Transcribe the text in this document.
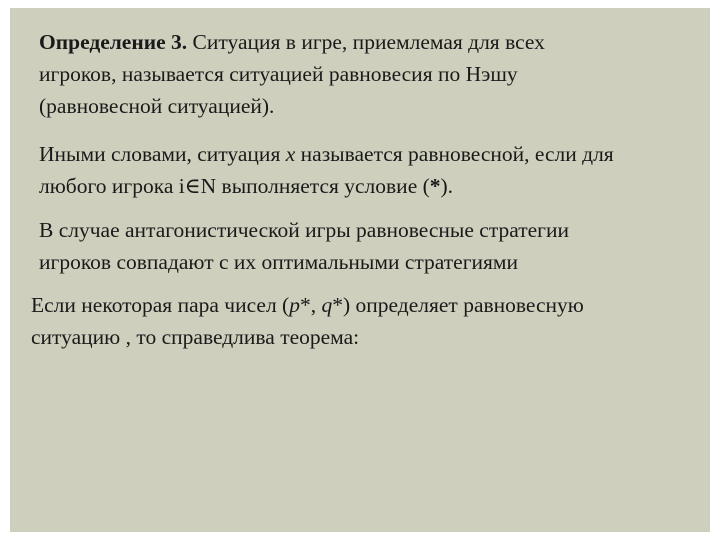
Определение 3. Ситуация в игре, приемлемая для всех
игроков, называется ситуацией равновесия по Нэшу
(равновесной ситуацией).

Иными словами, ситуация x называется равновесной, если для
любого игрока i∈N выполняется условие (*).

В случае антагонистической игры равновесные стратегии
игроков совпадают с их оптимальными стратегиями

Если некоторая пара чисел (p*, q*) определяет равновесную
ситуацию , то справедлива теорема:
